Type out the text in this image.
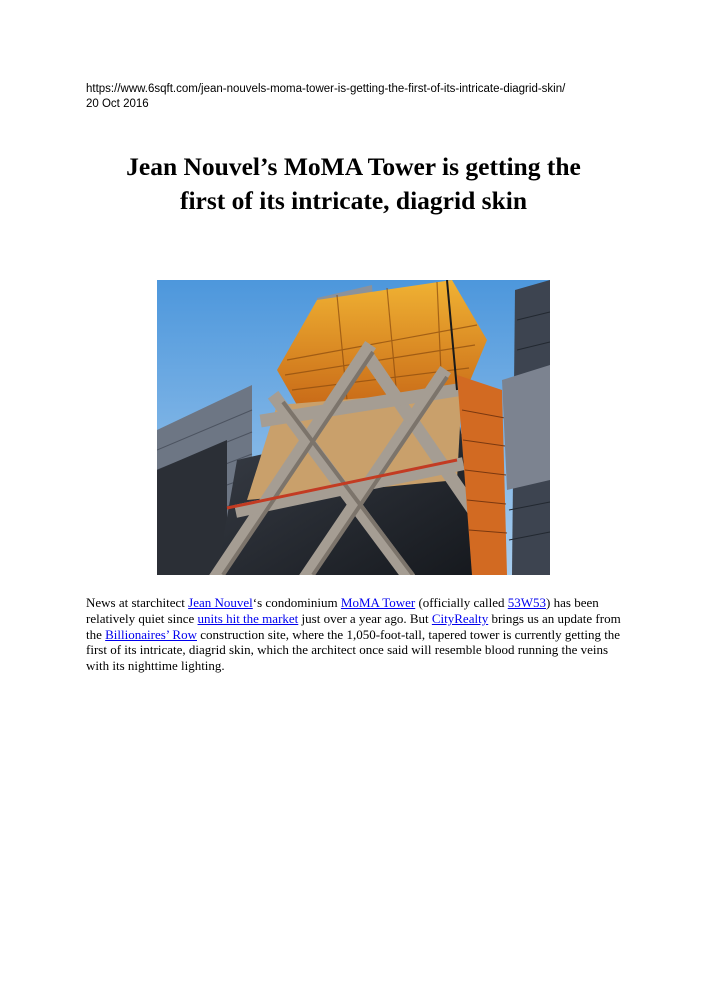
https://www.6sqft.com/jean-nouvels-moma-tower-is-getting-the-first-of-its-intricate-diagrid-skin/
20 Oct 2016
Jean Nouvel’s MoMA Tower is getting the
first of its intricate, diagrid skin

News at starchitect Jean Nouvel‘s condominium MoMA Tower (officially called 53W53) has been relatively quiet since units hit the market just over a year ago. But CityRealty brings us an update from the Billionaires’ Row construction site, where the 1,050-foot-tall, tapered tower is currently getting the first of its intricate, diagrid skin, which the architect once said will resemble blood running the veins with its nighttime lighting.
